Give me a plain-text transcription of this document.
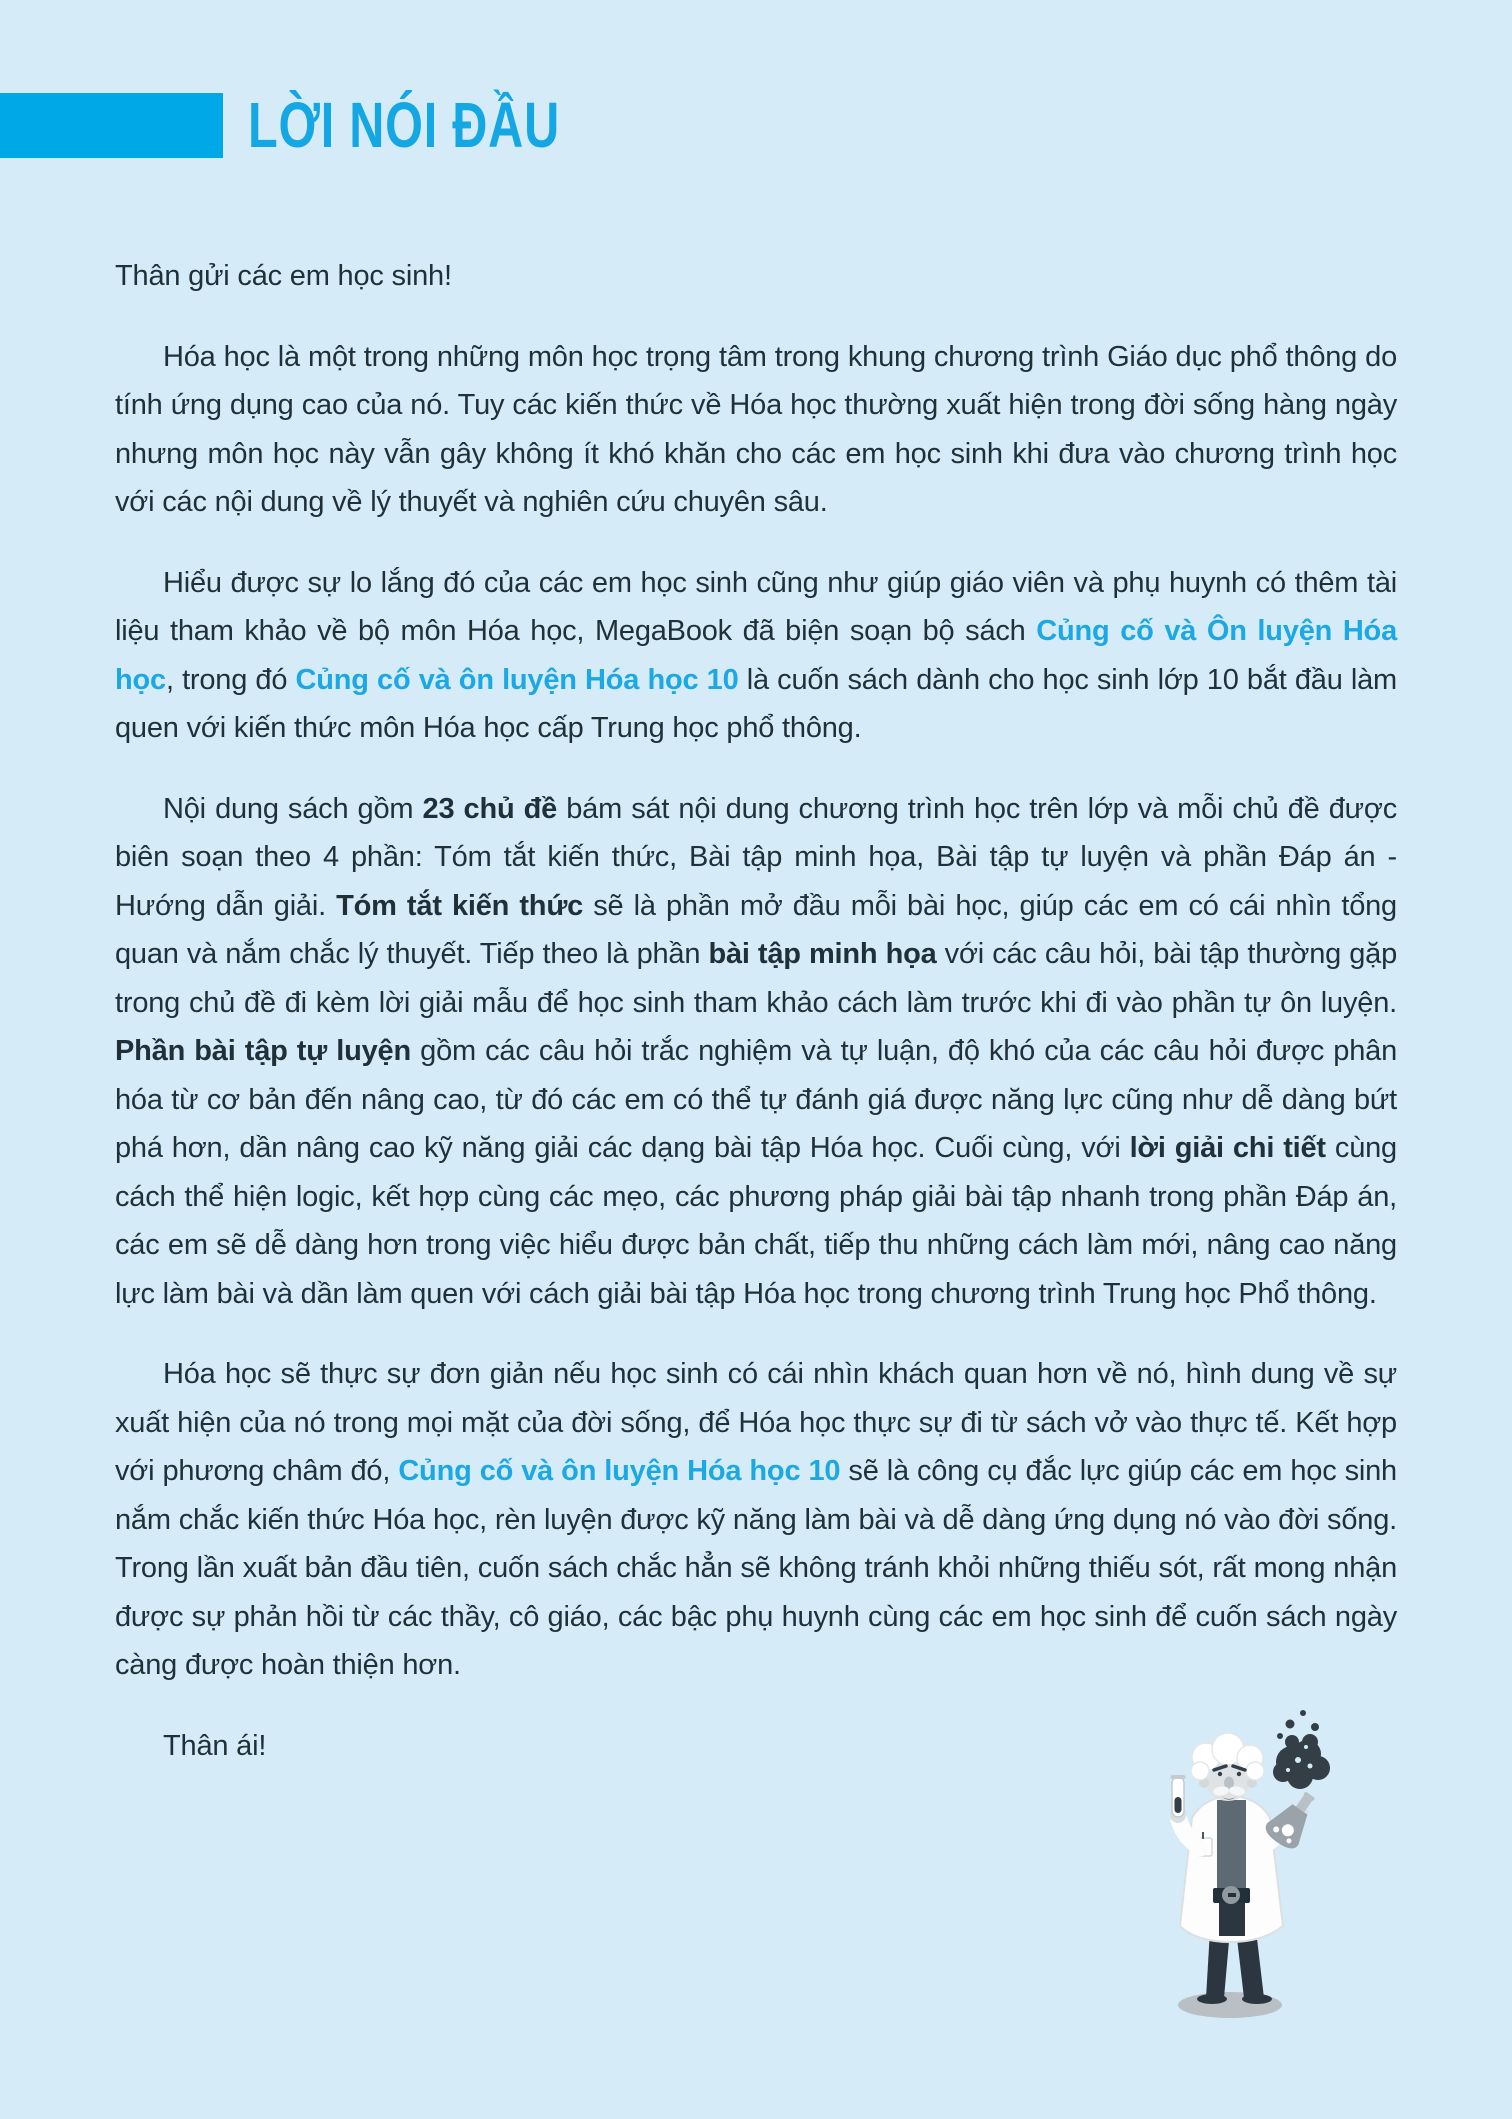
LỜI NÓI ĐẦU

Thân gửi các em học sinh!

Hóa học là một trong những môn học trọng tâm trong khung chương trình Giáo dục phổ thông do tính ứng dụng cao của nó. Tuy các kiến thức về Hóa học thường xuất hiện trong đời sống hàng ngày nhưng môn học này vẫn gây không ít khó khăn cho các em học sinh khi đưa vào chương trình học với các nội dung về lý thuyết và nghiên cứu chuyên sâu.

Hiểu được sự lo lắng đó của các em học sinh cũng như giúp giáo viên và phụ huynh có thêm tài liệu tham khảo về bộ môn Hóa học, MegaBook đã biện soạn bộ sách Củng cố và Ôn luyện Hóa học, trong đó Củng cố và ôn luyện Hóa học 10 là cuốn sách dành cho học sinh lớp 10 bắt đầu làm quen với kiến thức môn Hóa học cấp Trung học phổ thông.

Nội dung sách gồm 23 chủ đề bám sát nội dung chương trình học trên lớp và mỗi chủ đề được biên soạn theo 4 phần: Tóm tắt kiến thức, Bài tập minh họa, Bài tập tự luyện và phần Đáp án - Hướng dẫn giải. Tóm tắt kiến thức sẽ là phần mở đầu mỗi bài học, giúp các em có cái nhìn tổng quan và nắm chắc lý thuyết. Tiếp theo là phần bài tập minh họa với các câu hỏi, bài tập thường gặp trong chủ đề đi kèm lời giải mẫu để học sinh tham khảo cách làm trước khi đi vào phần tự ôn luyện. Phần bài tập tự luyện gồm các câu hỏi trắc nghiệm và tự luận, độ khó của các câu hỏi được phân hóa từ cơ bản đến nâng cao, từ đó các em có thể tự đánh giá được năng lực cũng như dễ dàng bứt phá hơn, dần nâng cao kỹ năng giải các dạng bài tập Hóa học. Cuối cùng, với lời giải chi tiết cùng cách thể hiện logic, kết hợp cùng các mẹo, các phương pháp giải bài tập nhanh trong phần Đáp án, các em sẽ dễ dàng hơn trong việc hiểu được bản chất, tiếp thu những cách làm mới, nâng cao năng lực làm bài và dần làm quen với cách giải bài tập Hóa học trong chương trình Trung học Phổ thông.

Hóa học sẽ thực sự đơn giản nếu học sinh có cái nhìn khách quan hơn về nó, hình dung về sự xuất hiện của nó trong mọi mặt của đời sống, để Hóa học thực sự đi từ sách vở vào thực tế. Kết hợp với phương châm đó, Củng cố và ôn luyện Hóa học 10 sẽ là công cụ đắc lực giúp các em học sinh nắm chắc kiến thức Hóa học, rèn luyện được kỹ năng làm bài và dễ dàng ứng dụng nó vào đời sống. Trong lần xuất bản đầu tiên, cuốn sách chắc hẳn sẽ không tránh khỏi những thiếu sót, rất mong nhận được sự phản hồi từ các thầy, cô giáo, các bậc phụ huynh cùng các em học sinh để cuốn sách ngày càng được hoàn thiện hơn.

Thân ái!
